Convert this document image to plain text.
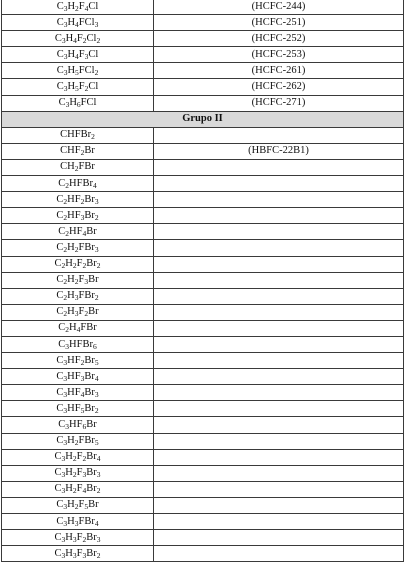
$C_3H_2F_4Cl$	(HCFC-244)
$C_3H_4FCl_3$	(HCFC-251)
$C_3H_4F_2Cl_2$	(HCFC-252)
$C_3H_4F_3Cl$	(HCFC-253)
$C_3H_5FCl_2$	(HCFC-261)
$C_3H_5F_2Cl$	(HCFC-262)
$C_3H_6FCl$	(HCFC-271)
Grupo II	
CHFBr$_2$	
$CHF_2Br$	(HBFC-22B1)
$CH_2FBr$	
$C_2HFBr_4$	
$C_2HF_2Br_3$	
$C_2HF_3Br_2$	
$C_2HF_4Br$	
$C_2H_2FBr_3$	
$C_2H_2F_2Br_2$	
$C_2H_2F_3Br$	
$C_2H_3FBr_2$	
$C_2H_3F_2Br$	
$C_2H_4FBr$	
$C_3HFBr_6$	
$C_3HF_2Br_5$	
$C_3HF_3Br_4$	
$C_3HF_4Br_3$	
$C_3HF_5Br_2$	
$C_3HF_6Br$	
$C_3H_2FBr_5$	
$C_3H_2F_2Br_4$	
$C_3H_2F_3Br_3$	
$C_3H_2F_4Br_2$	
$C_3H_2F_5Br$	
$C_3H_3FBr_4$	
$C_3H_3F_2Br_3$	
$C_3H_3F_3Br_2$	
